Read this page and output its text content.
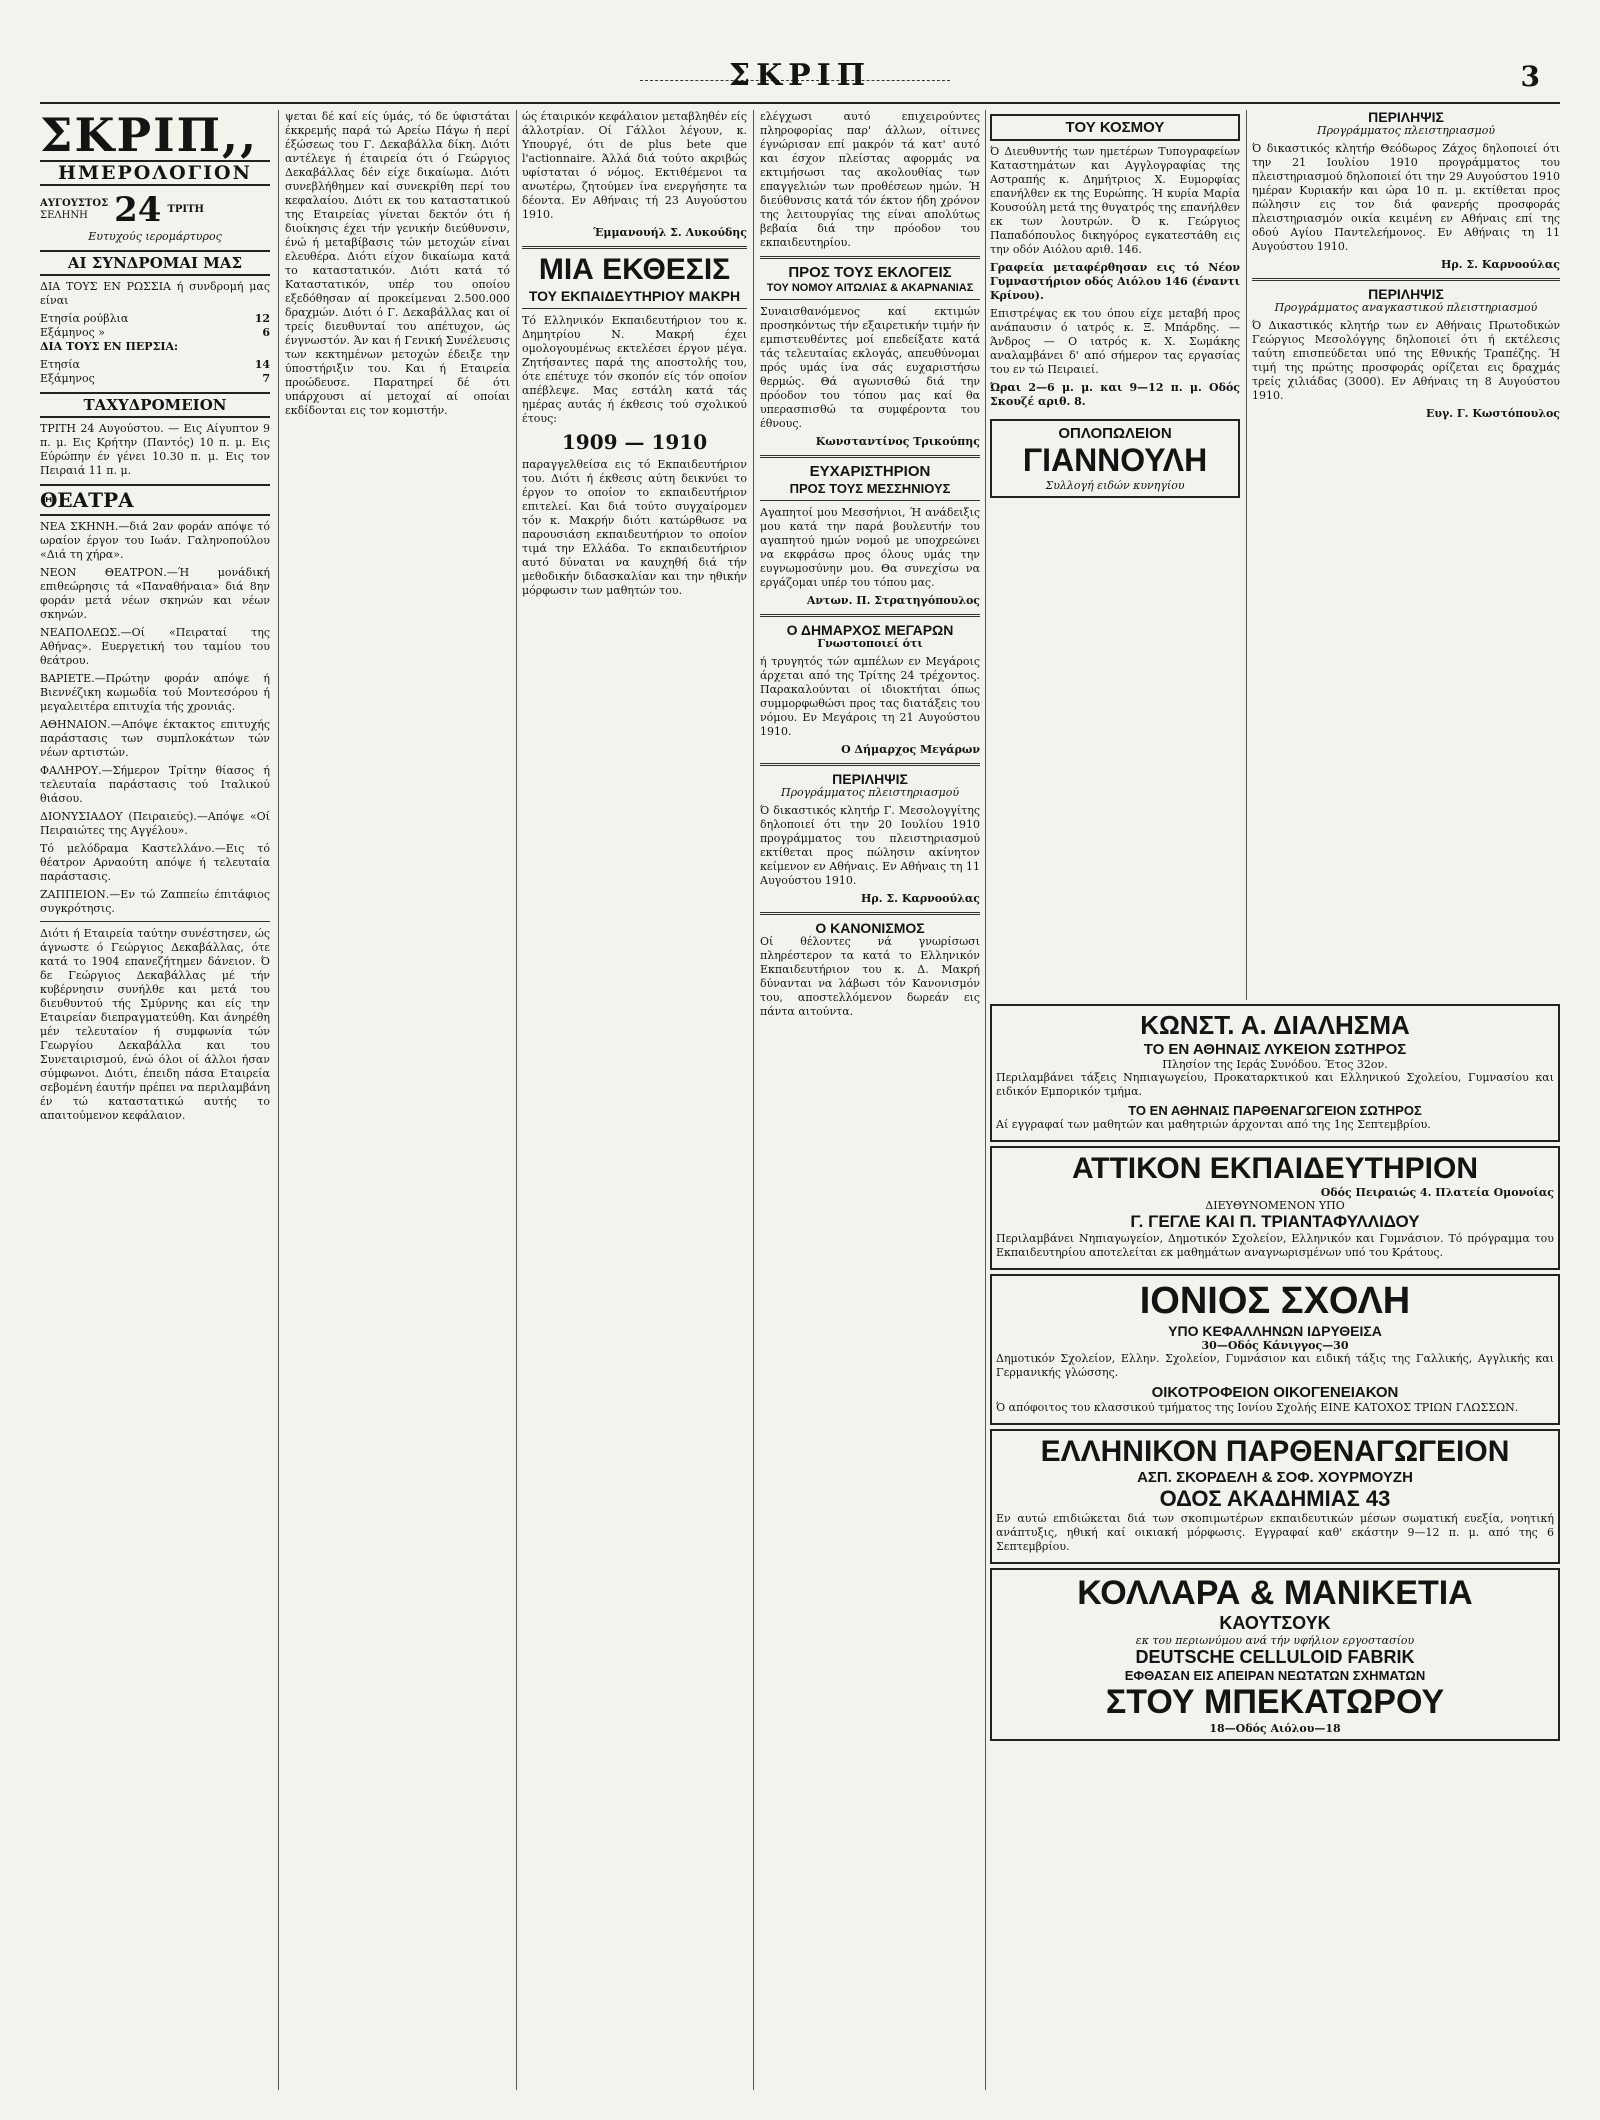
ΣΚΡΙΠ	3
ΣΚΡΙΠ,,
ΗΜΕΡΟΛΟΓΙΟΝ
ΑΥΓΟΥΣΤΟΣ
ΣΕΛΗΝΗ 24 ΤΡΙΤΗ
Ευτυχούς ιερομάρτυρος
ΑΙ ΣΥΝΔΡΟΜΑΙ ΜΑΣ
ΔΙΑ ΤΟΥΣ ΕΝ ΡΩΣΣΙΑ ή συνδρομή μας είναι
Ετησία ρούβλια	12
Εξάμηνος »	6
ΔΙΑ ΤΟΥΣ ΕΝ ΠΕΡΣΙΑ:
Ετησία	14
Εξάμηνος	7
ΤΑΧΥΔΡΟΜΕΙΟΝ
ΤΡΙΤΗ 24 Αυγούστου. — Εις Αίγυπτον 9 π. μ. Εις Κρήτην (Παντός) 10 π. μ. Εις Εύρώπην έν γένει 10.30 π. μ. Εις τον Πειραιά 11 π. μ.
ΘΕΑΤΡΑ
ΝΕΑ ΣΚΗΝΗ.—διά 2αν φοράν απόψε τό ωραίον έργον του Ιωάν. Γαληνοπούλου «Διά τη χήρα».
ΝΕΟΝ ΘΕΑΤΡΟΝ.—Ή μονάδική επιθεώρησις τά «Παναθήναια» διά 8ην φοράν μετά νέων σκηνών και νέων σκηνών.
ΝΕΑΠΟΛΕΩΣ.—Οί «Πειραταί της Αθήνας». Ευεργετική του ταμίου του θεάτρου.
ΒΑΡΙΕΤΕ.—Πρώτην φοράν απόψε ή Βιεννέζικη κωμωδία τού Μοντεσόρου ή μεγαλειτέρα επιτυχία τής χρονιάς.
ΑΘΗΝΑΙΟΝ.—Απόψε έκτακτος επιτυχής παράστασις των συμπλοκάτων τών νέων αρτιστών.
ΦΑΛΗΡΟΥ.—Σήμερον Τρίτην θίασος ή τελευταία παράστασις τού Ιταλικού θιάσου.
ΔΙΟΝΥΣΙΑΔΟΥ (Πειραιεύς).—Απόψε «Οί Πειραιώτες της Αγγέλου».
Τό μελόδραμα Καστελλάνο.—Εις τό θέατρον Αρναούτη απόψε ή τελευταία παράστασις.
ΖΑΠΠΕΙΟΝ.—Εν τώ Ζαππείω έπιτάφιος συγκρότησις.
Διότι ή Εταιρεία ταύτην συνέστησεν, ώς άγνωστε ό Γεώργιος Δεκαβάλλας, ότε κατά το 1904 επανεζήτημεν δάνειον. Ό δε Γεώργιος Δεκαβάλλας μέ τήν κυβέρνησιν συνήλθε και μετά του διευθυντού τής Σμύρνης και είς την Εταιρείαν διεπραγματεύθη. Και άνηρέθη μέν τελευταίον ή συμφωνία τών Γεωργίου Δεκαβάλλα και του Συνεταιρισμού, ένώ όλοι οί άλλοι ήσαν σύμφωνοι. Διότι, έπειδη πάσα Εταιρεία σεβομένη έαυτήν πρέπει να περιλαμβάνη έν τώ καταστατικώ αυτής το απαιτούμενον κεφάλαιον.
ψεται δέ καί είς ύμάς, τό δε ύφιστάται έκκρεμής παρά τώ Αρείω Πάγω ή περί έξώσεως του Γ. Δεκαβάλλα δίκη. Διότι αντέλεγε ή έταιρεία ότι ό Γεώργιος Δεκαβάλλας δέν είχε δικαίωμα. Διότι συνεβλήθημεν καί συνεκρίθη περί του κεφαλαίου. Διότι εκ του καταστατικού της Εταιρείας γίνεται δεκτόν ότι ή διοίκησις έχει τήν γενικήν διεύθυνσιν, ένώ ή μεταβίβασις τών μετοχών είναι ελευθέρα. Διότι είχον δικαίωμα κατά το καταστατικόν. Διότι κατά τό Καταστατικόν, υπέρ του οποίου εξεδόθησαν αί προκείμεναι 2.500.000 δραχμών. Διότι ό Γ. Δεκαβάλλας και οί τρείς διευθυνταί του απέτυχον, ώς ένγνωστόν. Άν και ή Γενική Συνέλευσις των κεκτημένων μετοχών έδειξε την ύποστήριξιν του. Και ή Εταιρεία προώδευσε. Παρατηρεί δέ ότι υπάρχουσι αί μετοχαί αί οποίαι εκδίδονται εις τον κομιστήν.
ώς έταιρικόν κεφάλαιον μεταβληθέν είς άλλοτρίαν. Οί Γάλλοι λέγουν, κ. Υπουργέ, ότι de plus bete que l'actionnaire. Άλλά διά τούτο ακριβώς υφίσταται ό νόμος. Εκτιθέμενοι τα ανωτέρω, ζητούμεν ίνα ενεργήσητε τα δέοντα. Εν Αθήναις τή 23 Αυγούστου 1910.
Έμμανουήλ Σ. Λυκούδης
ΜΙΑ ΕΚΘΕΣΙΣ
ΤΟΥ ΕΚΠΑΙΔΕΥΤΗΡΙΟΥ ΜΑΚΡΗ
Τό Ελληνικόν Εκπαιδευτήριον του κ. Δημητρίου Ν. Μακρή έχει ομολογουμένως εκτελέσει έργον μέγα. Ζητήσαντες παρά της αποστολής του, ότε επέτυχε τόν σκοπόν είς τόν οποίον απέβλεψε. Μας εστάλη κατά τάς ημέρας αυτάς ή έκθεσις τού σχολικού έτους:
1909 — 1910
παραγγελθείσα εις τό Εκπαιδευτήριον του. Διότι ή έκθεσις αύτη δεικνύει το έργον το οποίον το εκπαιδευτήριον επιτελεί. Και διά τούτο συγχαίρομεν τόν κ. Μακρήν διότι κατώρθωσε να παρουσιάση εκπαιδευτήριον το οποίον τιμά την Ελλάδα. Το εκπαιδευτήριον αυτό δύναται να καυχηθή διά τήν μεθοδικήν διδασκαλίαν και την ηθικήν μόρφωσιν των μαθητών του.
ελέγχωσι αυτό επιχειρούντες πληροφορίας παρ' άλλων, οίτινες έγνώρισαν επί μακρόν τά κατ' αυτό και έσχον πλείστας αφορμάς να εκτιμήσωσι τας ακολουθίας των επαγγελιών των προθέσεων ημών. Ή διεύθυνσις κατά τόν έκτον ήδη χρόνον της λειτουργίας της είναι απολύτως βεβαία διά την πρόοδον του εκπαιδευτηρίου.
ΠΡΟΣ ΤΟΥΣ ΕΚΛΟΓΕΙΣ
ΤΟΥ ΝΟΜΟΥ ΑΙΤΩΛΙΑΣ & ΑΚΑΡΝΑΝΙΑΣ
Συναισθανόμενος καί εκτιμών προσηκόντως τήν εξαιρετικήν τιμήν ήν εμπιστευθέντες μοί επεδείξατε κατά τάς τελευταίας εκλογάς, απευθύνομαι πρός υμάς ίνα σάς ευχαριστήσω θερμώς. Θά αγωνισθώ διά την πρόοδον του τόπου μας καί θα υπερασπισθώ τα συμφέροντα του έθνους.
Κωνσταντίνος Τρικούπης
ΕΥΧΑΡΙΣΤΗΡΙΟΝ
ΠΡΟΣ ΤΟΥΣ ΜΕΣΣΗΝΙΟΥΣ
Αγαπητοί μου Μεσσήνιοι, Ή ανάδειξις μου κατά την παρά βουλευτήν του αγαπητού ημών νομού με υποχρεώνει να εκφράσω προς όλους υμάς την ευγνωμοσύνην μου. Θα συνεχίσω να εργάζομαι υπέρ του τόπου μας.
Αντων. Π. Στρατηγόπουλος
Ο ΔΗΜΑΡΧΟΣ ΜΕΓΑΡΩΝ
Γνωστοποιεί ότι
ή τρυγητός τών αμπέλων εν Μεγάροις άρχεται από της Τρίτης 24 τρέχοντος. Παρακαλούνται οί ιδιοκτήται όπως συμμορφωθώσι προς τας διατάξεις του νόμου. Εν Μεγάροις τη 21 Αυγούστου 1910.
Ο Δήμαρχος Μεγάρων
ΠΕΡΙΛΗΨΙΣ
Προγράμματος πλειστηριασμού
Ό δικαστικός κλητήρ Γ. Μεσολογγίτης δηλοποιεί ότι την 20 Ιουλίου 1910 προγράμματος του πλειστηριασμού εκτίθεται προς πώλησιν ακίνητον κείμενον εν Αθήναις. Εν Αθήναις τη 11 Αυγούστου 1910.
Ηρ. Σ. Καρνοούλας
Ο ΚΑΝΟΝΙΣΜΟΣ
Οί θέλοντες νά γνωρίσωσι πληρέστερον τα κατά το Ελληνικόν Εκπαιδευτήριον του κ. Δ. Μακρή δύνανται να λάβωσι τόν Κανονισμόν του, αποστελλόμενον δωρεάν εις πάντα αιτούντα.
ΤΟΥ ΚΟΣΜΟΥ
Ό Διευθυντής των ημετέρων Τυπογραφείων Καταστημάτων και Αγγλογραφίας της Αστραπής κ. Δημήτριος Χ. Ευμορφίας επανήλθεν εκ της Ευρώπης. Ή κυρία Μαρία Κουσούλη μετά της θυγατρός της επανήλθεν εκ των λουτρών. Ό κ. Γεώργιος Παπαδόπουλος δικηγόρος εγκατεστάθη εις την οδόν Αιόλου αριθ. 146.
Γραφεία μεταφέρθησαν εις τό Νέον Γυμναστήριον οδός Αιόλου 146 (έναντι Κρίνου).
Επιστρέψας εκ του όπου είχε μεταβή προς ανάπαυσιν ό ιατρός κ. Ξ. Μπάρδης. — Άνδρος — Ο ιατρός κ. Χ. Σωμάκης αναλαμβάνει δ' από σήμερον τας εργασίας του εν τώ Πειραιεί.
Ώραι 2—6 μ. μ. και 9—12 π. μ. Οδός Σκουζέ αριθ. 8.
ΟΠΛΟΠΩΛΕΙΟΝ
ΓΙΑΝΝΟΥΛΗ
Συλλογή ειδών κυνηγίου
ΠΕΡΙΛΗΨΙΣ
Προγράμματος πλειστηριασμού
Ό δικαστικός κλητήρ Θεόδωρος Ζάχος δηλοποιεί ότι την 21 Ιουλίου 1910 προγράμματος του πλειστηριασμού δηλοποιεί ότι την 29 Αυγούστου 1910 ημέραν Κυριακήν και ώρα 10 π. μ. εκτίθεται προς πώλησιν εις τον διά φανερής προσφοράς πλειστηριασμόν οικία κειμένη εν Αθήναις επί της οδού Αγίου Παντελεήμονος. Εν Αθήναις τη 11 Αυγούστου 1910.
Ηρ. Σ. Καρνοούλας
ΠΕΡΙΛΗΨΙΣ
Προγράμματος αναγκαστικού πλειστηριασμού
Ό Δικαστικός κλητήρ των εν Αθήναις Πρωτοδικών Γεώργιος Μεσολόγγης δηλοποιεί ότι ή εκτέλεσις ταύτη επισπεύδεται υπό της Εθνικής Τραπέζης. Ή τιμή της πρώτης προσφοράς ορίζεται εις δραχμάς τρείς χιλιάδας (3000). Εν Αθήναις τη 8 Αυγούστου 1910.
Ευγ. Γ. Κωστόπουλος
ΚΩΝΣΤ. Α. ΔΙΑΛΗΣΜΑ
ΤΟ ΕΝ ΑΘΗΝΑΙΣ ΛΥΚΕΙΟΝ ΣΩΤΗΡΟΣ
Πλησίον της Ιεράς Συνόδου. Έτος 32ον.
Περιλαμβάνει τάξεις Νηπιαγωγείου, Προκαταρκτικού και Ελληνικού Σχολείου, Γυμνασίου και ειδικόν Εμπορικόν τμήμα.
ΤΟ ΕΝ ΑΘΗΝΑΙΣ ΠΑΡΘΕΝΑΓΩΓΕΙΟΝ ΣΩΤΗΡΟΣ
Αί εγγραφαί των μαθητών και μαθητριών άρχονται από της 1ης Σεπτεμβρίου.
ΑΤΤΙΚΟΝ ΕΚΠΑΙΔΕΥΤΗΡΙΟΝ
Οδός Πειραιώς 4. Πλατεία Ομονοίας
ΔΙΕΥΘΥΝΟΜΕΝΟΝ ΥΠΟ
Γ. ΓΕΓΛΕ ΚΑΙ Π. ΤΡΙΑΝΤΑΦΥΛΛΙΔΟΥ
Περιλαμβάνει Νηπιαγωγείον, Δημοτικόν Σχολείον, Ελληνικόν και Γυμνάσιον. Τό πρόγραμμα του Εκπαιδευτηρίου αποτελείται εκ μαθημάτων αναγνωρισμένων υπό του Κράτους.
ΙΟΝΙΟΣ ΣΧΟΛΗ
ΥΠΟ ΚΕΦΑΛΛΗΝΩΝ ΙΔΡΥΘΕΙΣΑ
30—Οδός Κάνιγγος—30
Δημοτικόν Σχολείον, Ελλην. Σχολείον, Γυμνάσιον και ειδική τάξις της Γαλλικής, Αγγλικής και Γερμανικής γλώσσης.
ΟΙΚΟΤΡΟΦΕΙΟΝ ΟΙΚΟΓΕΝΕΙΑΚΟΝ
Ό απόφοιτος του κλασσικού τμήματος της Ιονίου Σχολής ΕΙΝΕ ΚΑΤΟΧΟΣ ΤΡΙΩΝ ΓΛΩΣΣΩΝ.
ΕΛΛΗΝΙΚΟΝ ΠΑΡΘΕΝΑΓΩΓΕΙΟΝ
ΑΣΠ. ΣΚΟΡΔΕΛΗ & ΣΟΦ. ΧΟΥΡΜΟΥΖΗ
ΟΔΟΣ ΑΚΑΔΗΜΙΑΣ 43
Εν αυτώ επιδιώκεται διά των σκοπιμωτέρων εκπαιδευτικών μέσων σωματική ευεξία, νοητική ανάπτυξις, ηθική καί οικιακή μόρφωσις. Εγγραφαί καθ' εκάστην 9—12 π. μ. από της 6 Σεπτεμβρίου.
ΚΟΛΛΑΡΑ & ΜΑΝΙΚΕΤΙΑ
ΚΑΟΥΤΣΟΥΚ
εκ του περιωνύμου ανά τήν υφήλιον εργοστασίου
DEUTSCHE CELLULOID FABRIK
ΕΦΘΑΣΑΝ ΕΙΣ ΑΠΕΙΡΑΝ ΝΕΩΤΑΤΩΝ ΣΧΗΜΑΤΩΝ
ΣΤΟΥ ΜΠΕΚΑΤΩΡΟΥ
18—Οδός Αιόλου—18
